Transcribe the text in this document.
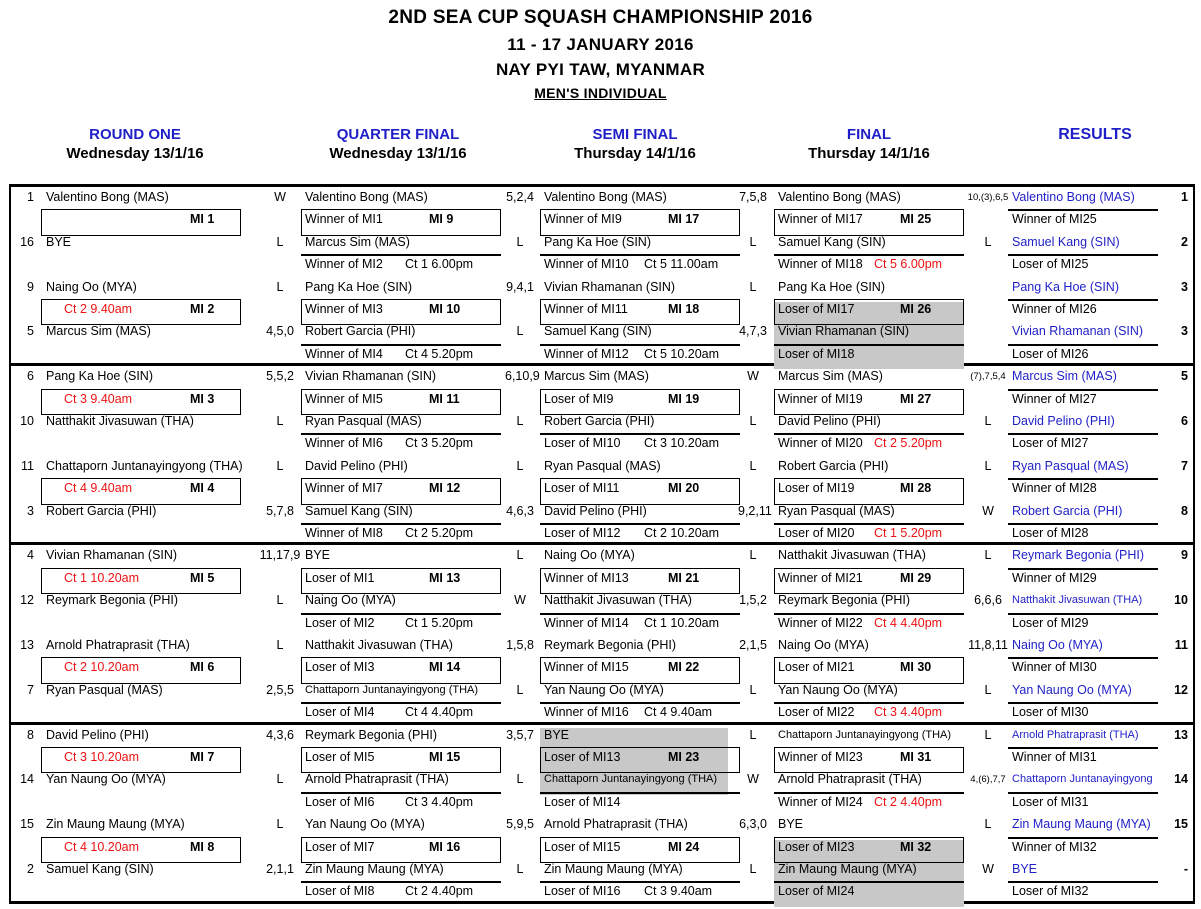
2ND SEA CUP SQUASH CHAMPIONSHIP 2016
11 - 17 JANUARY 2016
NAY PYI TAW, MYANMAR
MEN'S INDIVIDUAL
ROUND ONE
Wednesday 13/1/16
QUARTER FINAL
Wednesday 13/1/16
SEMI FINAL
Thursday 14/1/16
FINAL
Thursday 14/1/16
RESULTS
1 Valentino Bong (MAS)	W
MI 1
16 BYE	L
9 Naing Oo (MYA)	L
Ct 2 9.40am	MI 2
5 Marcus Sim (MAS)	4,5,0
6 Pang Ka Hoe (SIN)	5,5,2
Ct 3 9.40am	MI 3
10 Natthakit Jivasuwan (THA)	L
11 Chattaporn Juntanayingyong (THA)	L
Ct 4 9.40am	MI 4
3 Robert Garcia (PHI)	5,7,8
4 Vivian Rhamanan (SIN)	11,17,9
Ct 1 10.20am	MI 5
12 Reymark Begonia (PHI)	L
13 Arnold Phatraprasit (THA)	L
Ct 2 10.20am	MI 6
7 Ryan Pasqual (MAS)	2,5,5
8 David Pelino (PHI)	4,3,6
Ct 3 10.20am	MI 7
14 Yan Naung Oo (MYA)	L
15 Zin Maung Maung (MYA)	L
Ct 4 10.20am	MI 8
2 Samuel Kang (SIN)	2,1,1
Valentino Bong (MAS)	5,2,4
Winner of MI1	MI 9
Marcus Sim (MAS)	L
Winner of MI2 Ct 1 6.00pm
Pang Ka Hoe (SIN)	9,4,1
Winner of MI3	MI 10
Robert Garcia (PHI)	L
Winner of MI4 Ct 4 5.20pm
Vivian Rhamanan (SIN)	6,10,9
Winner of MI5	MI 11
Ryan Pasqual (MAS)	L
Winner of MI6 Ct 3 5.20pm
David Pelino (PHI)	L
Winner of MI7	MI 12
Samuel Kang (SIN)	4,6,3
Winner of MI8 Ct 2 5.20pm
BYE	L
Loser of MI1	MI 13
Naing Oo (MYA)	W
Loser of MI2 Ct 1 5.20pm
Natthakit Jivasuwan (THA)	1,5,8
Loser of MI3	MI 14
Chattaporn Juntanayingyong (THA)	L
Loser of MI4 Ct 4 4.40pm
Reymark Begonia (PHI)	3,5,7
Loser of MI5	MI 15
Arnold Phatraprasit (THA)	L
Loser of MI6 Ct 3 4.40pm
Yan Naung Oo (MYA)	5,9,5
Loser of MI7	MI 16
Zin Maung Maung (MYA)	L
Loser of MI8 Ct 2 4.40pm
Valentino Bong (MAS)	7,5,8
Winner of MI9	MI 17
Pang Ka Hoe (SIN)	L
Winner of MI10 Ct 5 11.00am
Vivian Rhamanan (SIN)	L
Winner of MI11	MI 18
Samuel Kang (SIN)	4,7,3
Winner of MI12 Ct 5 10.20am
Marcus Sim (MAS)	W
Loser of MI9	MI 19
Robert Garcia (PHI)	L
Loser of MI10 Ct 3 10.20am
Ryan Pasqual (MAS)	L
Loser of MI11	MI 20
David Pelino (PHI)	9,2,11
Loser of MI12 Ct 2 10.20am
Naing Oo (MYA)	L
Winner of MI13	MI 21
Natthakit Jivasuwan (THA)	1,5,2
Winner of MI14 Ct 1 10.20am
Reymark Begonia (PHI)	2,1,5
Winner of MI15	MI 22
Yan Naung Oo (MYA)	L
Winner of MI16 Ct 4 9.40am
BYE	L
Loser of MI13	MI 23
Chattaporn Juntanayingyong (THA)	W
Loser of MI14
Arnold Phatraprasit (THA)	6,3,0
Loser of MI15	MI 24
Zin Maung Maung (MYA)	L
Loser of MI16 Ct 3 9.40am
Valentino Bong (MAS)	10,(3),6,5
Winner of MI17	MI 25
Samuel Kang (SIN)	L
Winner of MI18 Ct 5 6.00pm
Pang Ka Hoe (SIN)
Loser of MI17	MI 26
Vivian Rhamanan (SIN)
Loser of MI18
Marcus Sim (MAS)	(7),7,5,4
Winner of MI19	MI 27
David Pelino (PHI)	L
Winner of MI20 Ct 2 5.20pm
Robert Garcia (PHI)	L
Loser of MI19	MI 28
Ryan Pasqual (MAS)	W
Loser of MI20 Ct 1 5.20pm
Natthakit Jivasuwan (THA)	L
Winner of MI21	MI 29
Reymark Begonia (PHI)	6,6,6
Winner of MI22 Ct 4 4.40pm
Naing Oo (MYA)	11,8,11
Loser of MI21	MI 30
Yan Naung Oo (MYA)	L
Loser of MI22 Ct 3 4.40pm
Chattaporn Juntanayingyong (THA)	L
Winner of MI23	MI 31
Arnold Phatraprasit (THA)	4,(6),7,7
Winner of MI24 Ct 2 4.40pm
BYE	L
Loser of MI23	MI 32
Zin Maung Maung (MYA)	W
Loser of MI24
Valentino Bong (MAS)	1
Winner of MI25
Samuel Kang (SIN)	2
Loser of MI25
Pang Ka Hoe (SIN)	3
Winner of MI26
Vivian Rhamanan (SIN)	3
Loser of MI26
Marcus Sim (MAS)	5
Winner of MI27
David Pelino (PHI)	6
Loser of MI27
Ryan Pasqual (MAS)	7
Winner of MI28
Robert Garcia (PHI)	8
Loser of MI28
Reymark Begonia (PHI)	9
Winner of MI29
Natthakit Jivasuwan (THA)	10
Loser of MI29
Naing Oo (MYA)	11
Winner of MI30
Yan Naung Oo (MYA)	12
Loser of MI30
Arnold Phatraprasit (THA)	13
Winner of MI31
Chattaporn Juntanayingyong	14
Loser of MI31
Zin Maung Maung (MYA)	15
Winner of MI32
BYE	-
Loser of MI32
